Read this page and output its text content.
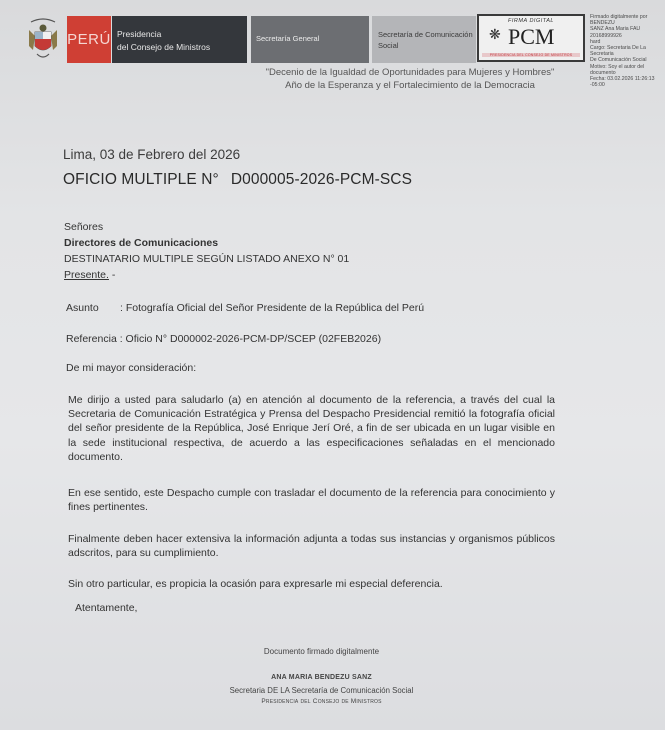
PERÚ Presidencia
del Consejo de Ministros
Secretaría General	Secretaría de Comunicación
Social
FIRMA DIGITAL
❋ PCM
PRESIDENCIA DEL CONSEJO DE MINISTROS
Firmado digitalmente por BENDEZU
SANZ Ana Maria FAU 20168999926
hard
Cargo: Secretaria De La Secretaria
De Comunicación Social
Motivo: Soy el autor del documento
Fecha: 03.02.2026 11:26:13 -05:00
"Decenio de la Igualdad de Oportunidades para Mujeres y Hombres"
Año de la Esperanza y el Fortalecimiento de la Democracia
Lima, 03 de Febrero del 2026
OFICIO MULTIPLE N° D000005-2026-PCM-SCS
Señores
Directores de Comunicaciones
DESTINATARIO MULTIPLE SEGÚN LISTADO ANEXO N° 01
Presente. -
Asunto : Fotografía Oficial del Señor Presidente de la República del Perú
Referencia : Oficio N° D000002-2026-PCM-DP/SCEP (02FEB2026)
De mi mayor consideración:

Me dirijo a usted para saludarlo (a) en atención al documento de la referencia, a través del cual la Secretaria de Comunicación Estratégica y Prensa del Despacho Presidencial remitió la fotografía oficial del señor presidente de la República, José Enrique Jerí Oré, a fin de ser ubicada en un lugar visible en la sede institucional respectiva, de acuerdo a las especificaciones señaladas en el mencionado documento.

En ese sentido, este Despacho cumple con trasladar el documento de la referencia para conocimiento y fines pertinentes.

Finalmente deben hacer extensiva la información adjunta a todas sus instancias y organismos públicos adscritos, para su cumplimiento.

Sin otro particular, es propicia la ocasión para expresarle mi especial deferencia.

Atentamente,
Documento firmado digitalmente
ANA MARIA BENDEZU SANZ
Secretaria DE LA Secretaría de Comunicación Social
Presidencia del Consejo de Ministros
